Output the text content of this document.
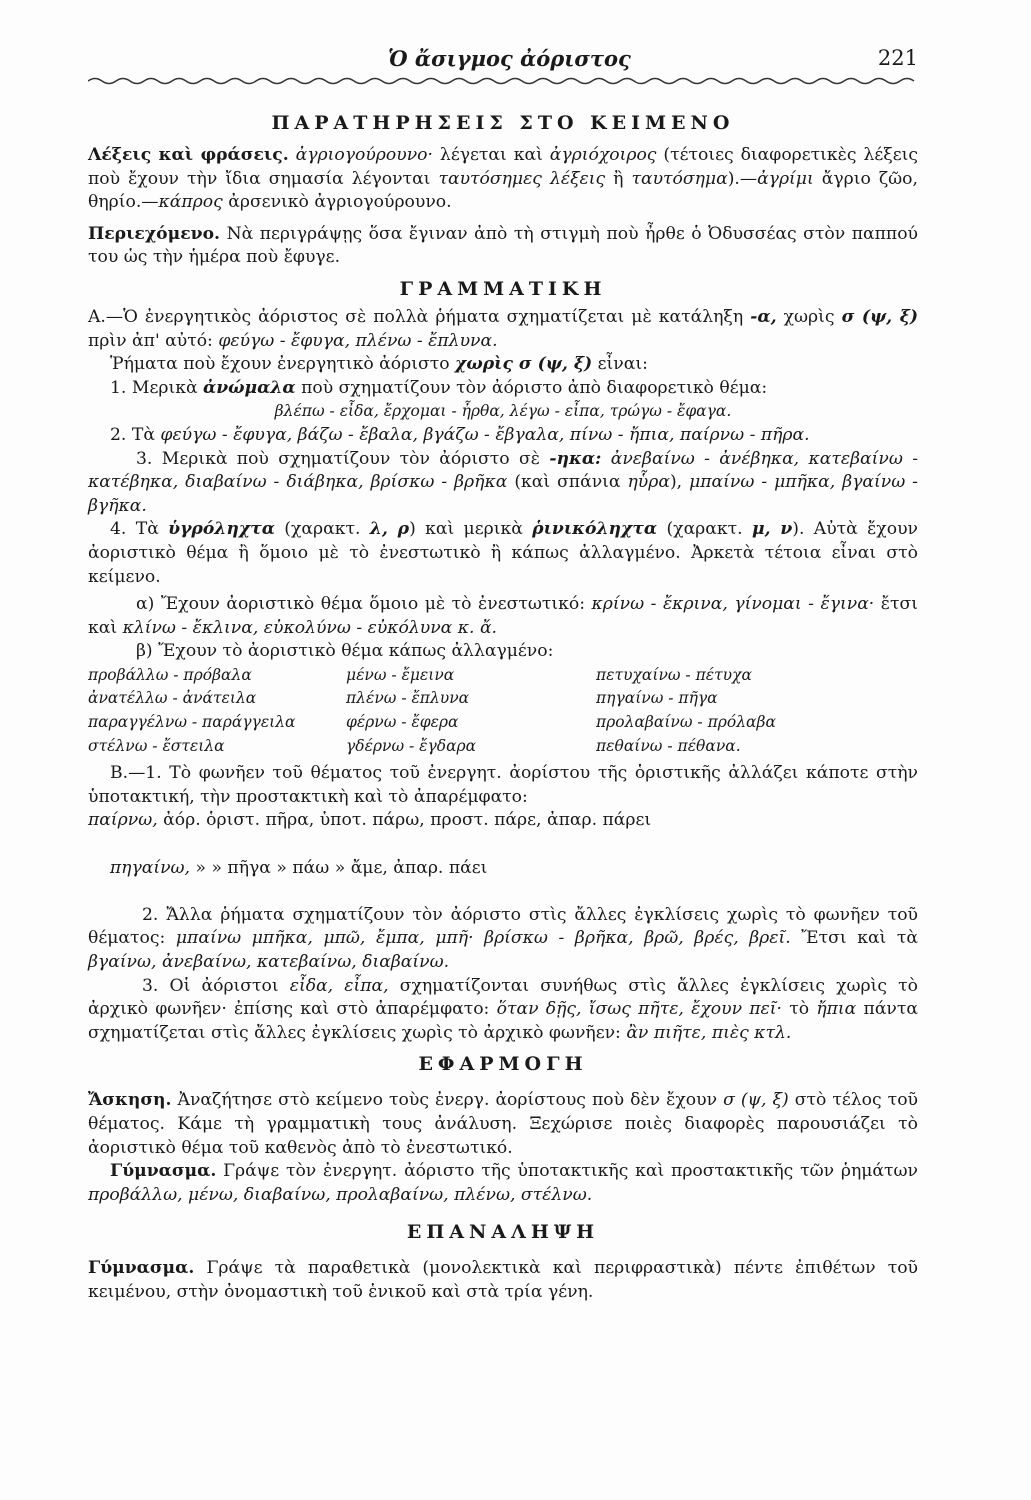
Ὁ ἄσιγμος ἀόριστος	221
ΠΑΡΑΤΗΡΗΣΕΙΣ ΣΤΟ ΚΕΙΜΕΝΟ

Λέξεις καὶ φράσεις. ἀγριογούρουνο· λέγεται καὶ ἀγριόχοιρος (τέτοιες διαφορετικὲς λέξεις ποὺ ἔχουν τὴν ἴδια σημασία λέγονται ταυτόσημες λέξεις ἢ ταυτόσημα).—ἀγρίμι ἄγριο ζῶο, θηρίο.—κάπρος ἀρσενικὸ ἀγριογούρουνο.

Περιεχόμενο. Νὰ περιγράψῃς ὅσα ἔγιναν ἀπὸ τὴ στιγμὴ ποὺ ἦρθε ὁ Ὀδυσσέας στὸν παππού του ὡς τὴν ἡμέρα ποὺ ἔφυγε.

ΓΡΑΜΜΑΤΙΚΗ

Α.—Ὁ ἐνεργητικὸς ἀόριστος σὲ πολλὰ ῥήματα σχηματίζεται μὲ κατάληξη -α, χωρὶς σ (ψ, ξ) πρὶν ἀπ' αὐτό: φεύγω - ἔφυγα, πλένω - ἔπλυνα.

Ῥήματα ποὺ ἔχουν ἐνεργητικὸ ἀόριστο χωρὶς σ (ψ, ξ) εἶναι:

1. Μερικὰ ἀνώμαλα ποὺ σχηματίζουν τὸν ἀόριστο ἀπὸ διαφορετικὸ θέμα:

βλέπω - εἶδα, ἔρχομαι - ἦρθα, λέγω - εἶπα, τρώγω - ἔφαγα.

2. Τὰ φεύγω - ἔφυγα, βάζω - ἔβαλα, βγάζω - ἔβγαλα, πίνω - ἤπια, παίρνω - πῆρα.

3. Μερικὰ ποὺ σχηματίζουν τὸν ἀόριστο σὲ -ηκα: ἀνεβαίνω - ἀνέβηκα, κατεβαίνω - κατέβηκα, διαβαίνω - διάβηκα, βρίσκω - βρῆκα (καὶ σπάνια ηὗρα), μπαίνω - μπῆκα, βγαίνω - βγῆκα.

4. Τὰ ὑγρόληχτα (χαρακτ. λ, ρ) καὶ μερικὰ ῥινικόληχτα (χαρακτ. μ, ν). Αὐτὰ ἔχουν ἀοριστικὸ θέμα ἢ ὅμοιο μὲ τὸ ἐνεστωτικὸ ἢ κάπως ἀλλαγμένο. Ἀρκετὰ τέτοια εἶναι στὸ κείμενο.

α) Ἔχουν ἀοριστικὸ θέμα ὅμοιο μὲ τὸ ἐνεστωτικό: κρίνω - ἔκρινα, γίνομαι - ἔγινα· ἔτσι καὶ κλίνω - ἔκλινα, εὐκολύνω - εὐκόλυνα κ. ἄ.

β) Ἔχουν τὸ ἀοριστικὸ θέμα κάπως ἀλλαγμένο:

προβάλλω - πρόβαλα	μένω - ἔμεινα	πετυχαίνω - πέτυχα
ἀνατέλλω - ἀνάτειλα	πλένω - ἔπλυνα	πηγαίνω - πῆγα
παραγγέλνω - παράγγειλα	φέρνω - ἔφερα	προλαβαίνω - πρόλαβα
στέλνω - ἔστειλα	γδέρνω - ἔγδαρα	πεθαίνω - πέθανα.

Β.—1. Τὸ φωνῆεν τοῦ θέματος τοῦ ἐνεργητ. ἀορίστου τῆς ὁριστικῆς ἀλλάζει κάποτε στὴν ὑποτακτική, τὴν προστακτικὴ καὶ τὸ ἀπαρέμφατο:

παίρνω, ἀόρ. ὁριστ. πῆρα, ὑποτ. πάρω, προστ. πάρε, ἀπαρ. πάρει

πηγαίνω, » » πῆγα » πάω » ἄμε, ἀπαρ. πάει

2. Ἄλλα ῥήματα σχηματίζουν τὸν ἀόριστο στὶς ἄλλες ἐγκλίσεις χωρὶς τὸ φωνῆεν τοῦ θέματος: μπαίνω μπῆκα, μπῶ, ἔμπα, μπῆ· βρίσκω - βρῆκα, βρῶ, βρές, βρεῖ. Ἔτσι καὶ τὰ βγαίνω, ἀνεβαίνω, κατεβαίνω, διαβαίνω.

3. Οἱ ἀόριστοι εἶδα, εἶπα, σχηματίζονται συνήθως στὶς ἄλλες ἐγκλίσεις χωρὶς τὸ ἀρχικὸ φωνῆεν· ἐπίσης καὶ στὸ ἀπαρέμφατο: ὅταν δῇς, ἴσως πῆτε, ἔχουν πεῖ· τὸ ἤπια πάντα σχηματίζεται στὶς ἄλλες ἐγκλίσεις χωρὶς τὸ ἀρχικὸ φωνῆεν: ἂν πιῆτε, πιὲς κτλ.

ΕΦΑΡΜΟΓΗ

Ἄσκηση. Ἀναζήτησε στὸ κείμενο τοὺς ἐνεργ. ἀορίστους ποὺ δὲν ἔχουν σ (ψ, ξ) στὸ τέλος τοῦ θέματος. Κάμε τὴ γραμματικὴ τους ἀνάλυση. Ξεχώρισε ποιὲς διαφορὲς παρουσιάζει τὸ ἀοριστικὸ θέμα τοῦ καθενὸς ἀπὸ τὸ ἐνεστωτικό.

Γύμνασμα. Γράψε τὸν ἐνεργητ. ἀόριστο τῆς ὑποτακτικῆς καὶ προστακτικῆς τῶν ῥημάτων προβάλλω, μένω, διαβαίνω, προλαβαίνω, πλένω, στέλνω.

ΕΠΑΝΑΛΗΨΗ

Γύμνασμα. Γράψε τὰ παραθετικὰ (μονολεκτικὰ καὶ περιφραστικὰ) πέντε ἐπιθέτων τοῦ κειμένου, στὴν ὀνομαστικὴ τοῦ ἑνικοῦ καὶ στὰ τρία γένη.
